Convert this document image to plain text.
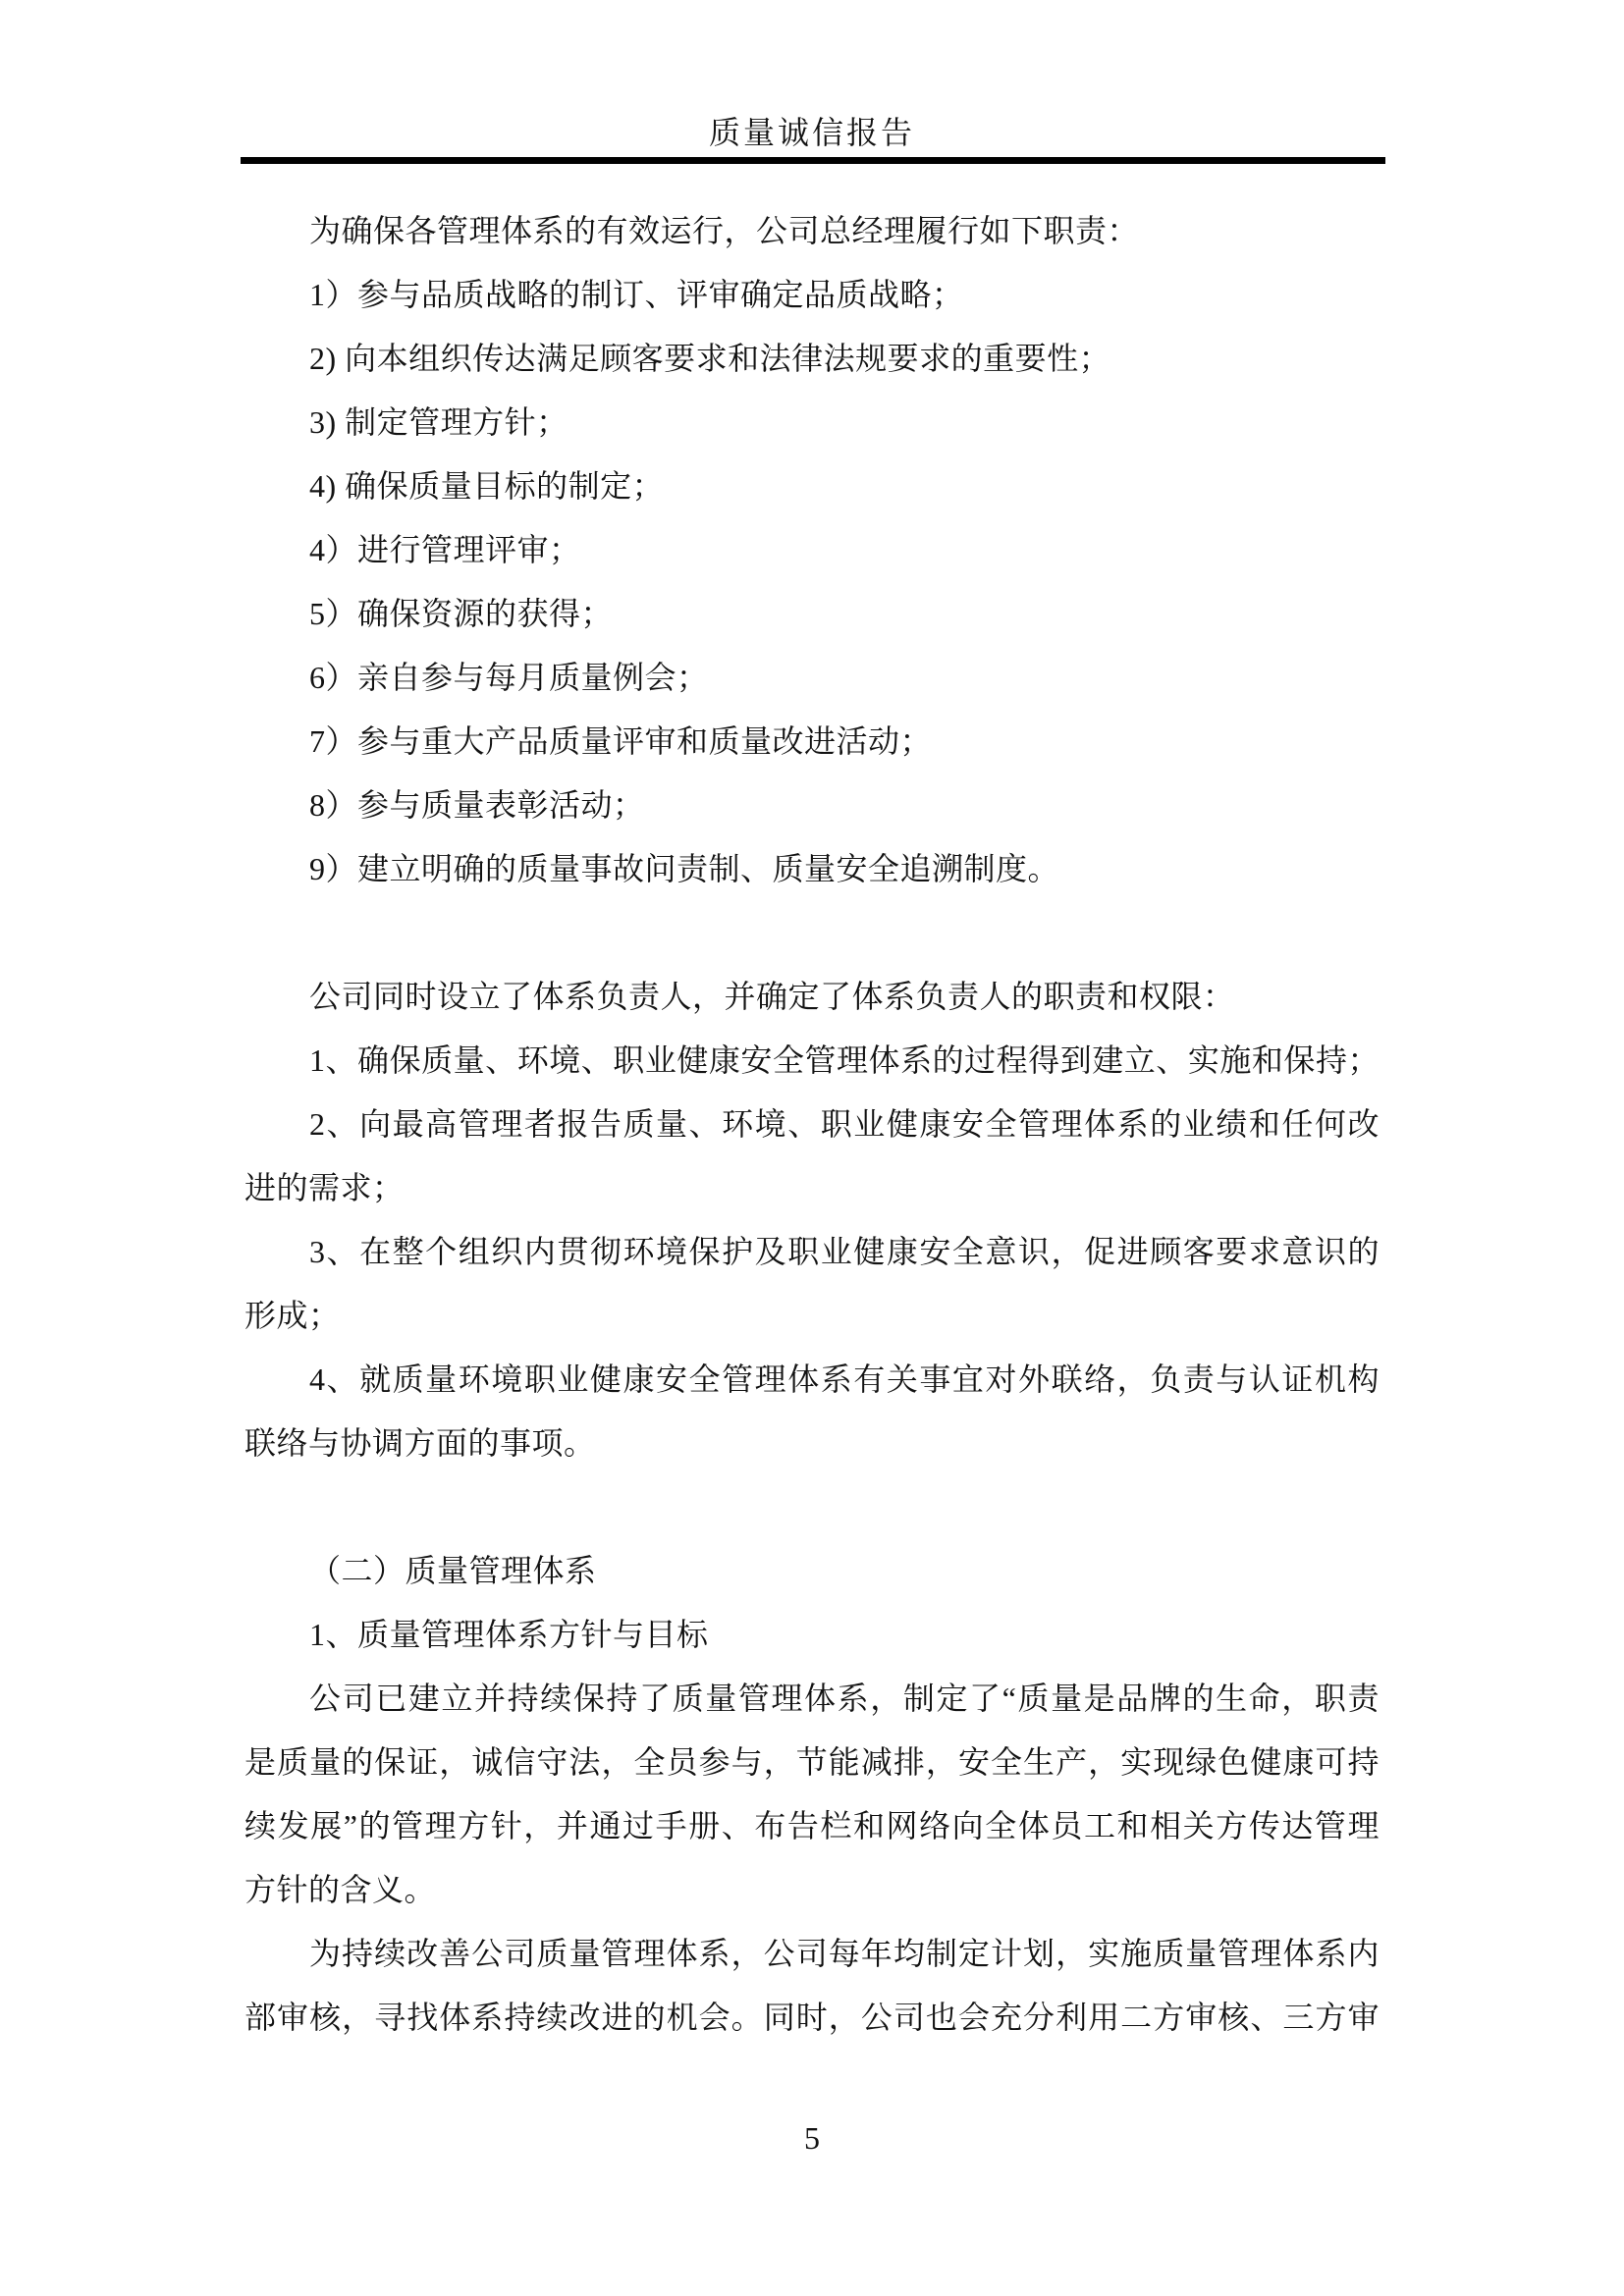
质量诚信报告

为确保各管理体系的有效运行，公司总经理履行如下职责：

1）参与品质战略的制订、评审确定品质战略；

2) 向本组织传达满足顾客要求和法律法规要求的重要性；

3) 制定管理方针；

4) 确保质量目标的制定；

4）进行管理评审；

5）确保资源的获得；

6）亲自参与每月质量例会；

7）参与重大产品质量评审和质量改进活动；

8）参与质量表彰活动；

9）建立明确的质量事故问责制、质量安全追溯制度。

公司同时设立了体系负责人，并确定了体系负责人的职责和权限：

1、确保质量、环境、职业健康安全管理体系的过程得到建立、实施和保持；

2、向最高管理者报告质量、环境、职业健康安全管理体系的业绩和任何改

进的需求；

3、在整个组织内贯彻环境保护及职业健康安全意识，促进顾客要求意识的

形成；

4、就质量环境职业健康安全管理体系有关事宜对外联络，负责与认证机构

联络与协调方面的事项。

（二）质量管理体系

1、质量管理体系方针与目标

公司已建立并持续保持了质量管理体系，制定了“质量是品牌的生命，职责

是质量的保证，诚信守法，全员参与，节能减排，安全生产，实现绿色健康可持

续发展”的管理方针，并通过手册、布告栏和网络向全体员工和相关方传达管理

方针的含义。

为持续改善公司质量管理体系，公司每年均制定计划，实施质量管理体系内

部审核，寻找体系持续改进的机会。同时，公司也会充分利用二方审核、三方审

5
